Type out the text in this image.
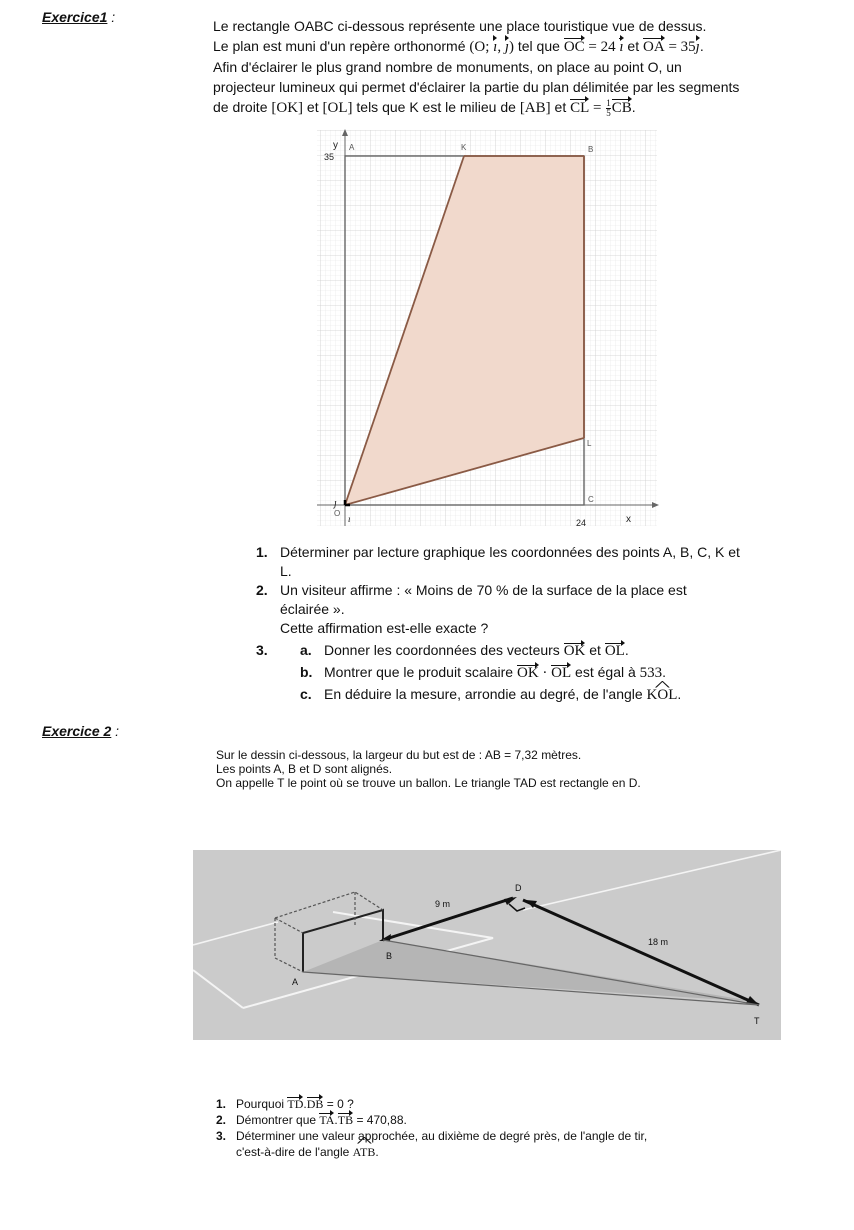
Exercice1 :

Le rectangle OABC ci-dessous représente une place touristique vue de dessus.

Le plan est muni d'un repère orthonormé (O; ı, ȷ) tel que OC = 24 ı et OA = 35ȷ.

Afin d'éclairer le plus grand nombre de monuments, on place au point O, un

projecteur lumineux qui permet d'éclairer la partie du plan délimitée par les segments

de droite [OK] et [OL] tels que K est le milieu de [AB] et CL = $\frac{1}{5}$ CB.

y
x
35
24
A	K	B
L
C
O
ı
ȷ
1. Déterminer par lecture graphique les coordonnées des points A, B, C, K et
L.
2. Un visiteur affirme : « Moins de 70 % de la surface de la place est
éclairée ».
Cette affirmation est-elle exacte ?
3.	a. Donner les coordonnées des vecteurs OK et OL.
b. Montrer que le produit scalaire OK · OL est égal à 533.
c. En déduire la mesure, arrondie au degré, de l'angle ^ KOL.
Exercice 2 :
Sur le dessin ci-dessous, la largeur du but est de : AB = 7,32 mètres.
Les points A, B et D sont alignés.
On appelle T le point où se trouve un ballon. Le triangle TAD est rectangle en D.
9 m
18 m
D
B
A
T
1. Pourquoi TD.DB = 0 ?
2. Démontrer que TA.TB = 470,88.
3. Déterminer une valeur approchée, au dixième de degré près, de l'angle de tir,
c'est-à-dire de l'angle ^ ATB.
